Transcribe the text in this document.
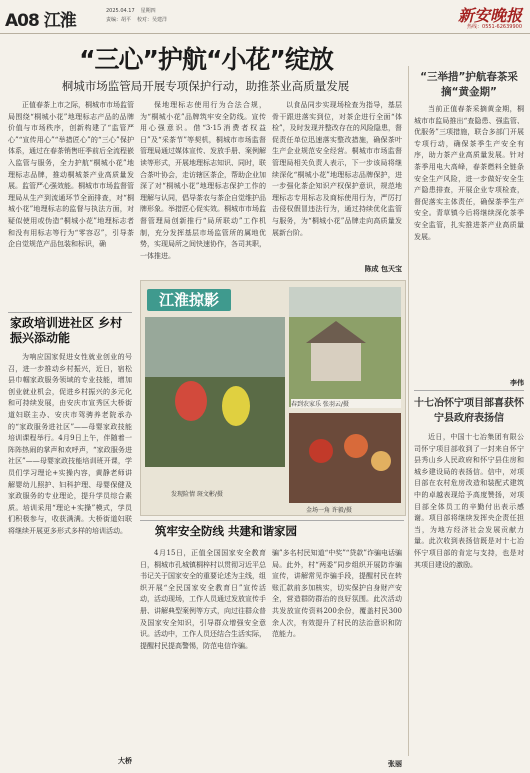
A08 江淮	2025.04.17 星期四
责编：胡平 校对：吴建洋	新安晚报
热线：0551-62639900
“三心”护航“小花”绽放
桐城市场监管局开展专项保护行动，助推茶业高质量发展

正值春茶上市之际，桐城市市场监管局围绕“桐城小花”地理标志产品的品牌价值与市场秩序，创新构建了“监管严心”“宣传用心”“举措匠心”的“三心”保护体系，通过在春茶销售旺季前后全流程嵌入监管与服务，全力护航“桐城小花”地理标志品牌，推动桐城茶产业高质量发展。监管严心强效能。桐城市市场监督管理局从生产到流通环节全面排查，对“桐城小花”地理标志的监督与执法方面，对疑似使用或伪造“桐城小花”地理标志者和没有用标志等行为“零容忍”，引导茶企自觉规范产品包装和标识，确

保地理标志使用行为合法合规，为“桐城小花”品牌筑牢安全防线。宣传用心强意识。借“3·15消费者权益日”及“采茶节”等契机，桐城市市场监督管理局通过媒体宣传、发放手册、案例解读等形式，开展地理标志知识、同时，联合茶叶协会，走访辖区茶企，帮助企业加深了对“桐城小花”地理标志保护工作的理解与认同，倡导茶农与茶企自觉维护品牌形象。举措匠心促实效。桐城市市场监督管理局创新推行“局所联动”工作机制，充分发挥基层市场监管所的属地优势，实现局所之间快速协作，各司其职，一体推进。

以食品同步实现场检查为指导，基层骨干跟进落实到位，对茶企进行全面“体检”，及时发现并整改存在的风险隐患，督促责任单位迅速落实整改措施，确保茶叶生产企业规范安全经营。桐城市市场监督管理局相关负责人表示，下一步该局将继续深化“桐城小花”地理标志品牌保护，进一步强化茶企知识产权保护意识，规范地理标志专用标志及商标使用行为，严厉打击侵权假冒违法行为，通过持续优化监管与服务，为“桐城小花”品牌走向高质量发展新台阶。

陈成 包天宝
家政培训进社区 乡村振兴添动能

为响应国家促进女性就业创业的号召，进一步推动乡村振兴，近日，宿松县巾帼家政服务领域的专业技能，增加创业就业机会，促进乡村振兴的多元化和可持续发展，由安庆市宣秀区大桥街道妇联主办、安庆市驾骋养老院承办的“家政服务进社区”——母婴家政技能培训课程举行。4月9日上午，伴随着一阵阵热闹的掌声和欢呼声，“家政服务进社区”——母婴家政技能培训班开课，学员们学习理论+实操内容，黄静老师讲解婴幼儿照护、妇科护理、母婴保健及家政服务的专业理论，提升学员综合素质。培训采用“理论+实操”模式，学员们积极参与，收获满满。大桥街道妇联将继续开展更多形式多样的培训活动。

大桥
江淮掠影
春到农家乐 张羽云/摄
发现险情 斑文彬/摄
金场一角 许毅/摄
筑牢安全防线 共建和谐家园

4月15日，正值全国国家安全教育日，桐城市孔城镇桐梓村以贯彻习近平总书记关于国家安全的重要论述为主线，组织开展“全民国家安全教育日”宣传活动，活动现场，工作人员通过发放宣传手册、讲解典型案例等方式，向过往群众普及国家安全知识，引导群众增强安全意识。活动中，工作人员还结合生活实际，提醒村民提高警惕，防范电信诈骗。

骗”多名村民知道“中奖”“贷款”诈骗电话骗局。此外，村“两委”同步组织开展防诈骗宣传，讲解常见诈骗手段，提醒村民在转账汇款前多加核实，切实保护自身财产安全，营造群防群治的良好氛围。此次活动共发放宣传资料200余份，覆盖村民300余人次，有效提升了村民的法治意识和防范能力。

张丽
“三举措”护航春茶采摘“黄金期”

当前正值春茶采摘黄金期，桐城市市监局推出“查隐患、强监管、优服务”三项措施，联合多部门开展专项行动，确保茶季生产安全有序，助力茶产业高质量发展。针对茶季用电大高峰，春茶燃料全链条安全生产风险，进一步做好安全生产隐患排查，开展企业专项检查，督促落实主体责任，确保茶季生产安全。青草镇今后将继续深化茶季安全监管，扎实推进茶产业高质量发展。

李伟
十七冶怀宁项目部喜获怀宁县政府表扬信

近日，中国十七冶集团有限公司怀宁项目部收到了一封来自怀宁县秀山乡人民政府和怀宁县住房和城乡建设局的表扬信。信中，对项目部在农村危房改造和装配式建筑中的卓越表现给予高度赞扬，对项目部全体员工的辛勤付出表示感谢。项目部将继续发挥央企责任担当，为地方经济社会发展贡献力量。此次收到表扬信既是对十七冶怀宁项目部的肯定与支持，也是对其项目建设的激励。
